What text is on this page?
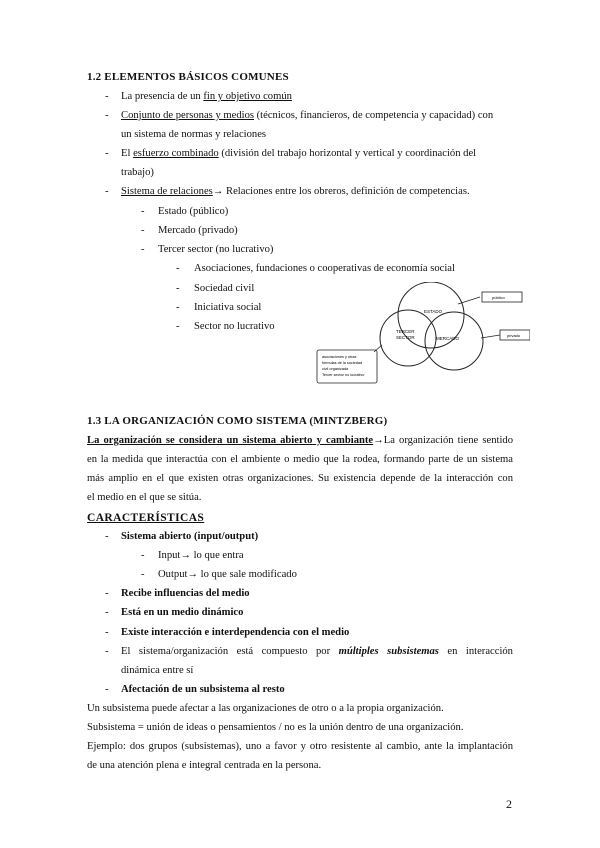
1.2 ELEMENTOS BÁSICOS COMUNES
- La presencia de un fin y objetivo común
- Conjunto de personas y medios (técnicos, financieros, de competencia y capacidad) con
un sistema de normas y relaciones
- El esfuerzo combinado (división del trabajo horizontal y vertical y coordinación del
trabajo)
- Sistema de relaciones→ Relaciones entre los obreros, definición de competencias.
- Estado (público)
- Mercado (privado)
- Tercer sector (no lucrativo)
- Asociaciones, fundaciones o cooperativas de economía social
- Sociedad civil
- Iniciativa social
- Sector no lucrativo
ESTADO
MERCADO
TERCER
SECTOR
público
privado
asociaciones y otras
fórmulas de la sociedad
civil organizada
Tercer sector no lucrativo
1.3 LA ORGANIZACIÓN COMO SISTEMA (MINTZBERG)
La organización se considera un sistema abierto y cambiante→La organización tiene sentido
en la medida que interactúa con el ambiente o medio que la rodea, formando parte de un sistema
más amplio en el que existen otras organizaciones. Su existencia depende de la interacción con
el medio en el que se sitúa.
CARACTERÍSTICAS
- Sistema abierto (input/output)
- Input→ lo que entra
- Output→ lo que sale modificado
- Recibe influencias del medio
- Está en un medio dinámico
- Existe interacción e interdependencia con el medio
- El sistema/organización está compuesto por múltiples subsistemas en interacción
dinámica entre sí
- Afectación de un subsistema al resto
Un subsistema puede afectar a las organizaciones de otro o a la propia organización.
Subsistema = unión de ideas o pensamientos / no es la unión dentro de una organización.
Ejemplo: dos grupos (subsistemas), uno a favor y otro resistente al cambio, ante la implantación
de una atención plena e integral centrada en la persona.
2
